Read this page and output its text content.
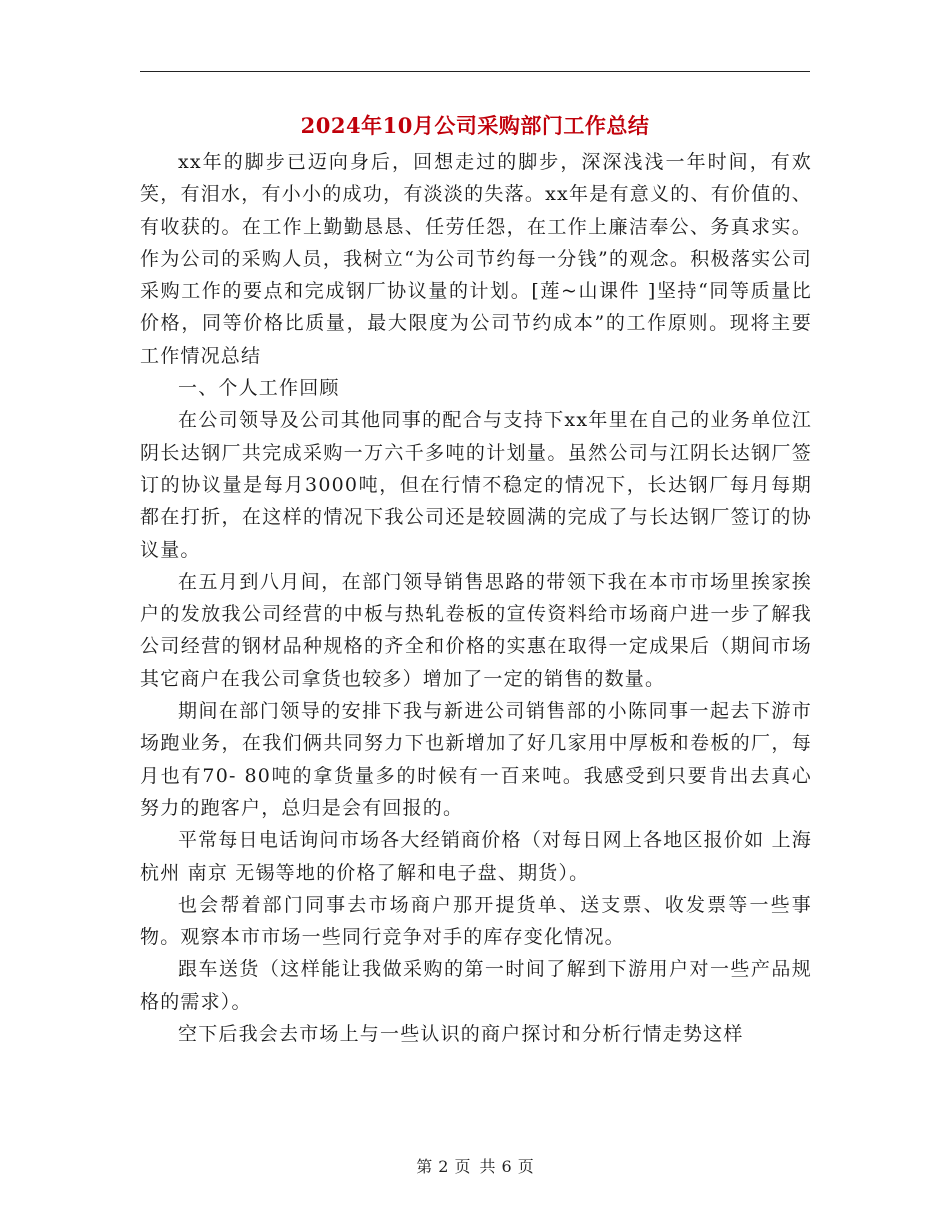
2024年10月公司采购部门工作总结

xx年的脚步已迈向身后，回想走过的脚步，深深浅浅一年时间，有欢笑，有泪水，有小小的成功，有淡淡的失落。xx年是有意义的、有价值的、有收获的。在工作上勤勤恳恳、任劳任怨，在工作上廉洁奉公、务真求实。作为公司的采购人员，我树立“为公司节约每一分钱”的观念。积极落实公司采购工作的要点和完成钢厂协议量的计划。[莲~山课件 ]坚持“同等质量比价格，同等价格比质量，最大限度为公司节约成本”的工作原则。现将主要工作情况总结

一、个人工作回顾

在公司领导及公司其他同事的配合与支持下xx年里在自己的业务单位江阴长达钢厂共完成采购一万六千多吨的计划量。虽然公司与江阴长达钢厂签订的协议量是每月3000吨，但在行情不稳定的情况下，长达钢厂每月每期都在打折，在这样的情况下我公司还是较圆满的完成了与长达钢厂签订的协议量。

在五月到八月间，在部门领导销售思路的带领下我在本市市场里挨家挨户的发放我公司经营的中板与热轧卷板的宣传资料给市场商户进一步了解我公司经营的钢材品种规格的齐全和价格的实惠在取得一定成果后（期间市场其它商户在我公司拿货也较多）增加了一定的销售的数量。

期间在部门领导的安排下我与新进公司销售部的小陈同事一起去下游市场跑业务，在我们俩共同努力下也新增加了好几家用中厚板和卷板的厂，每月也有70- 80吨的拿货量多的时候有一百来吨。我感受到只要肯出去真心努力的跑客户，总归是会有回报的。

平常每日电话询问市场各大经销商价格（对每日网上各地区报价如 上海杭州 南京 无锡等地的价格了解和电子盘、期货）。

也会帮着部门同事去市场商户那开提货单、送支票、收发票等一些事物。观察本市市场一些同行竞争对手的库存变化情况。

跟车送货（这样能让我做采购的第一时间了解到下游用户对一些产品规格的需求）。

空下后我会去市场上与一些认识的商户探讨和分析行情走势这样

第 2 页 共 6 页
